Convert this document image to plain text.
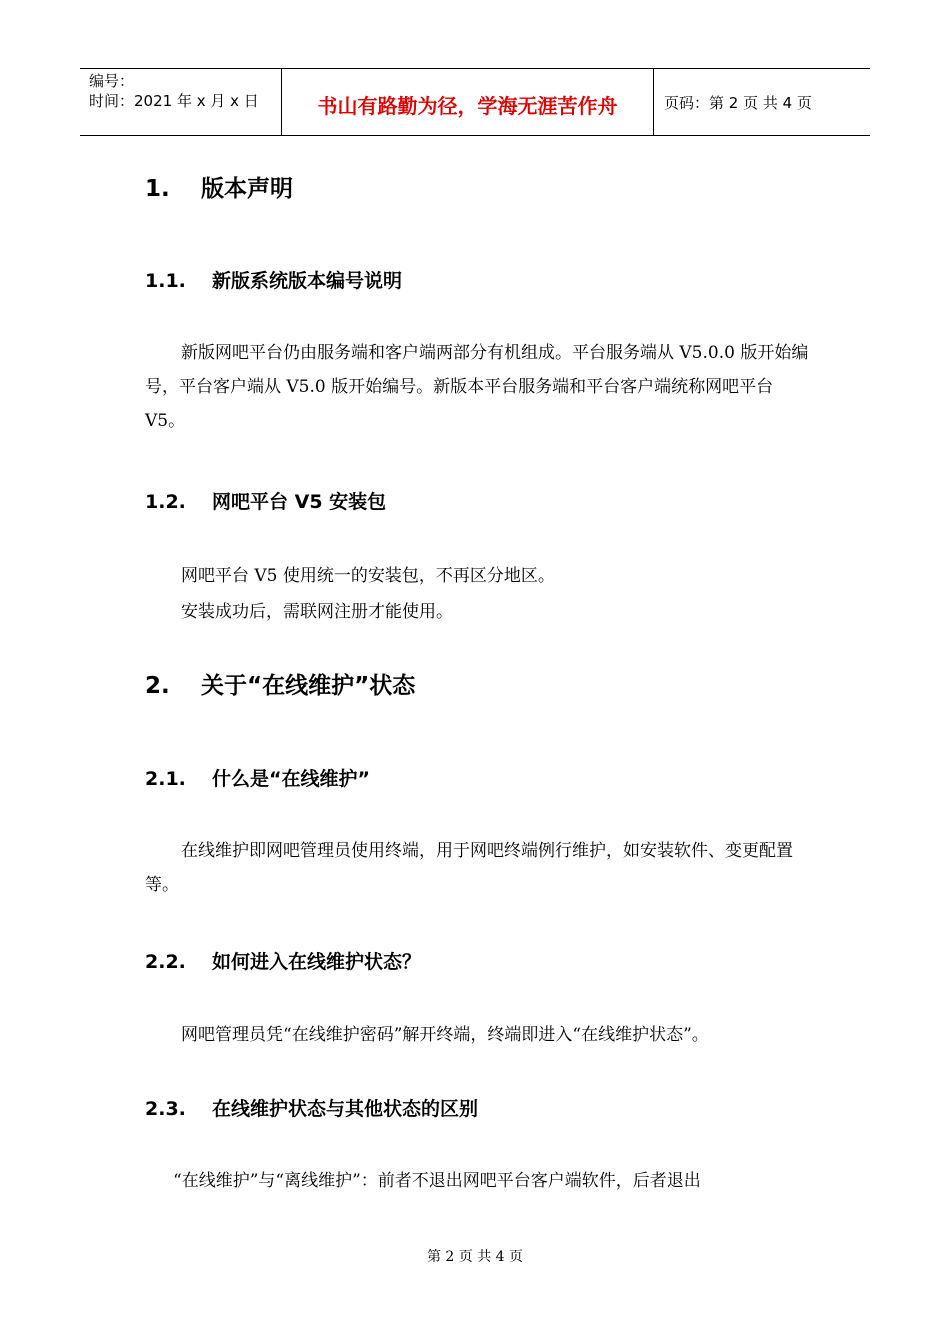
编号：
时间：2021 年 x 月 x 日	书山有路勤为径，学海无涯苦作舟	页码：第 2 页 共 4 页
1. 版本声明
1.1. 新版系统版本编号说明
新版网吧平台仍由服务端和客户端两部分有机组成。平台服务端从 V5.0.0 版开始编号，平台客户端从 V5.0 版开始编号。新版本平台服务端和平台客户端统称网吧平台 V5。
1.2. 网吧平台 V5 安装包
网吧平台 V5 使用统一的安装包，不再区分地区。
安装成功后，需联网注册才能使用。
2. 关于“在线维护”状态
2.1. 什么是“在线维护”
在线维护即网吧管理员使用终端，用于网吧终端例行维护，如安装软件、变更配置等。
2.2. 如何进入在线维护状态？
网吧管理员凭“在线维护密码”解开终端，终端即进入“在线维护状态”。
2.3. 在线维护状态与其他状态的区别
“在线维护”与“离线维护”：前者不退出网吧平台客户端软件，后者退出
第 2 页 共 4 页
